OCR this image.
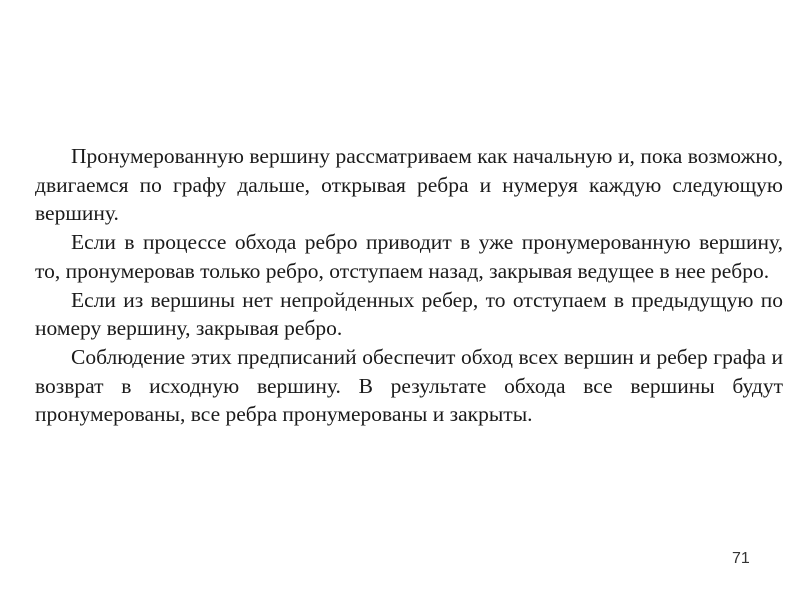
Пронумерованную вершину рассматриваем как начальную и, пока возможно, двигаемся по графу дальше, открывая ребра и нумеруя каждую следующую вершину.

Если в процессе обхода ребро приводит в уже пронумерованную вершину, то, пронумеровав только ребро, отступаем назад, закрывая ведущее в нее ребро.

Если из вершины нет непройденных ребер, то отступаем в предыдущую по номеру вершину, закрывая ребро.

Соблюдение этих предписаний обеспечит обход всех вершин и ребер графа и возврат в исходную вершину. В результате обхода все вершины будут пронумерованы, все ребра пронумерованы и закрыты.

71
